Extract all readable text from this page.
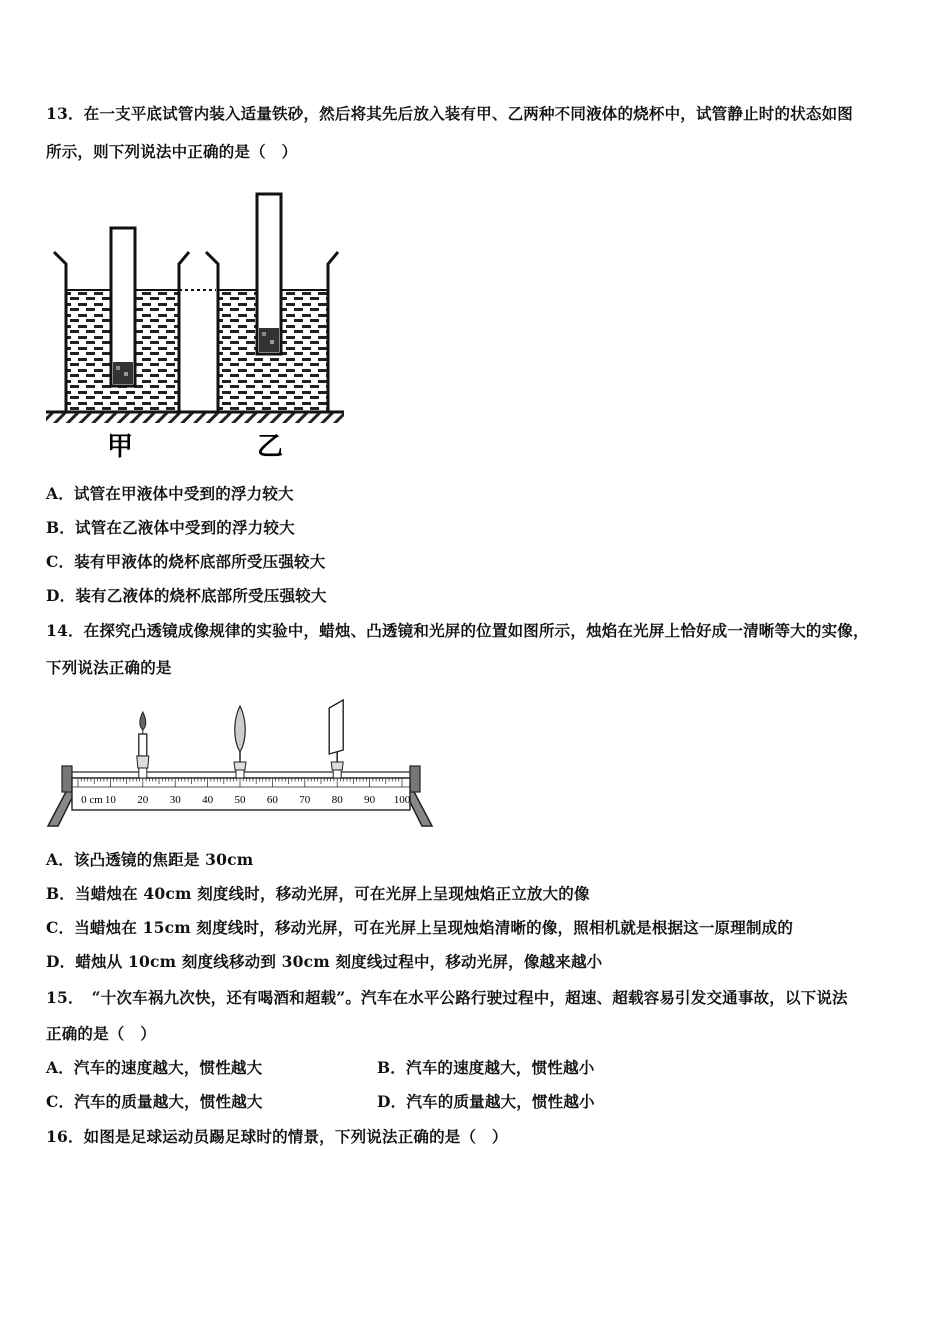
13．在一支平底试管内装入适量铁砂，然后将其先后放入装有甲、乙两种不同液体的烧杯中，试管静止时的状态如图
所示，则下列说法中正确的是（　）
甲	乙
A．试管在甲液体中受到的浮力较大
B．试管在乙液体中受到的浮力较大
C．装有甲液体的烧杯底部所受压强较大
D．装有乙液体的烧杯底部所受压强较大
14．在探究凸透镜成像规律的实验中，蜡烛、凸透镜和光屏的位置如图所示，烛焰在光屏上恰好成一清晰等大的实像，
下列说法正确的是
0 cm 10 20 30 40 50 60 70 80 90 100
A．该凸透镜的焦距是 30cm
B．当蜡烛在 40cm 刻度线时，移动光屏，可在光屏上呈现烛焰正立放大的像
C．当蜡烛在 15cm 刻度线时，移动光屏，可在光屏上呈现烛焰清晰的像，照相机就是根据这一原理制成的
D．蜡烛从 10cm 刻度线移动到 30cm 刻度线过程中，移动光屏，像越来越小
15．　“十次车祸九次快，还有喝酒和超载”。汽车在水平公路行驶过程中，超速、超载容易引发交通事故，以下说法
正确的是（　）
A．汽车的速度越大，惯性越大	B．汽车的速度越大，惯性越小
C．汽车的质量越大，惯性越大	D．汽车的质量越大，惯性越小
16．如图是足球运动员踢足球时的情景，下列说法正确的是（　）
